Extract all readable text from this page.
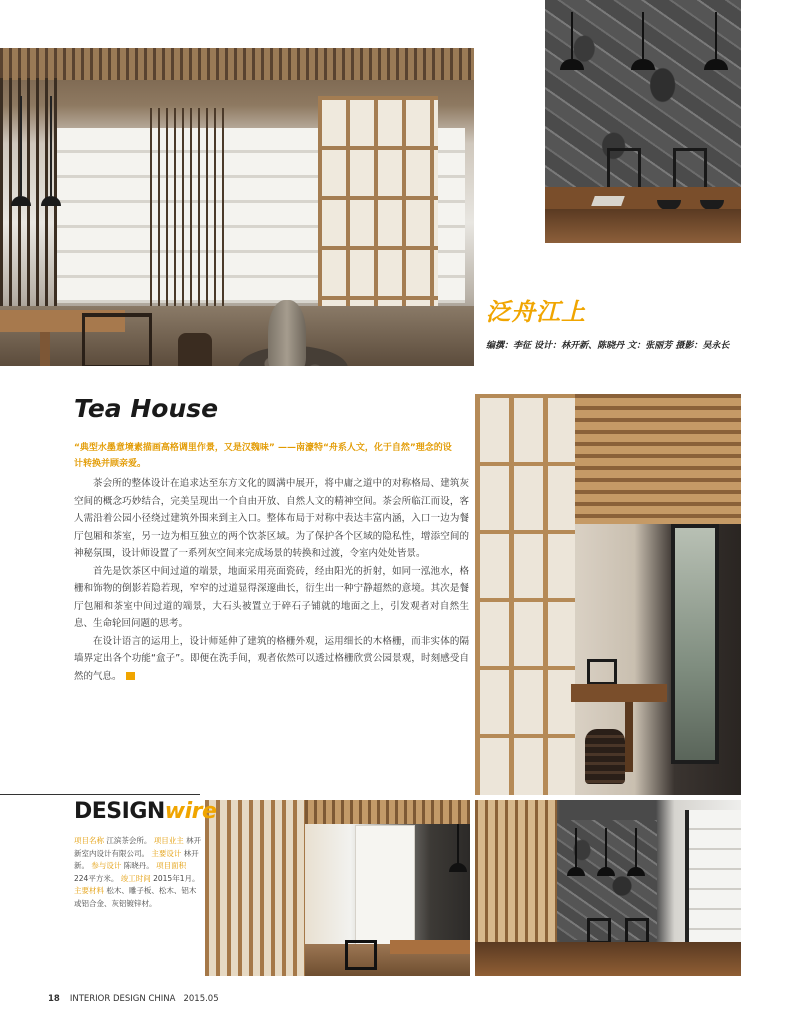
泛舟江上
编撰：李征 设计：林开新、陈晓丹 文：张丽芳 摄影：吴永长
Tea House
“典型水墨意境素描画高格调里作景，又是汉魏味” ——南濠特“舟系人文，化于自然”理念的设计转换并顾亲爱。

茶会所的整体设计在追求达至东方文化的圆满中展开，将中庸之道中的对称格局、建筑灰空间的概念巧妙结合，完美呈现出一个自由开放、自然人文的精神空间。茶会所临江而设，客人需沿着公园小径绕过建筑外围来到主入口。整体布局于对称中表达丰富内涵，入口一边为餐厅包厢和茶室，另一边为相互独立的两个饮茶区域。为了保护各个区域的隐私性，增添空间的神秘氛围，设计师设置了一系列灰空间来完成场景的转换和过渡，令室内处处皆景。

首先是饮茶区中间过道的端景，地面采用亮面瓷砖，经由阳光的折射，如同一泓池水，格栅和饰物的倒影若隐若现，窄窄的过道显得深邃曲长，衍生出一种宁静超然的意境。其次是餐厅包厢和茶室中间过道的端景，大石头被置立于碎石子铺就的地面之上，引发观者对自然生息、生命轮回问题的思考。

在设计语言的运用上，设计师延伸了建筑的格栅外观，运用细长的木格栅，而非实体的隔墙界定出各个功能“盒子”。即便在洗手间，观者依然可以透过格栅欣赏公园景观，时刻感受自然的气息。

DESIGNwire
项目名称 江滨茶会所。 项目业主 林开新室内设计有限公司。 主要设计 林开新。 参与设计 陈晓丹。 项目面积 224平方米。 竣工时间 2015年1月。 主要材料 松木、雕子板、松木、铝木或铝合金、灰铝镀锌材。
18 INTERIOR DESIGN CHINA 2015.05
